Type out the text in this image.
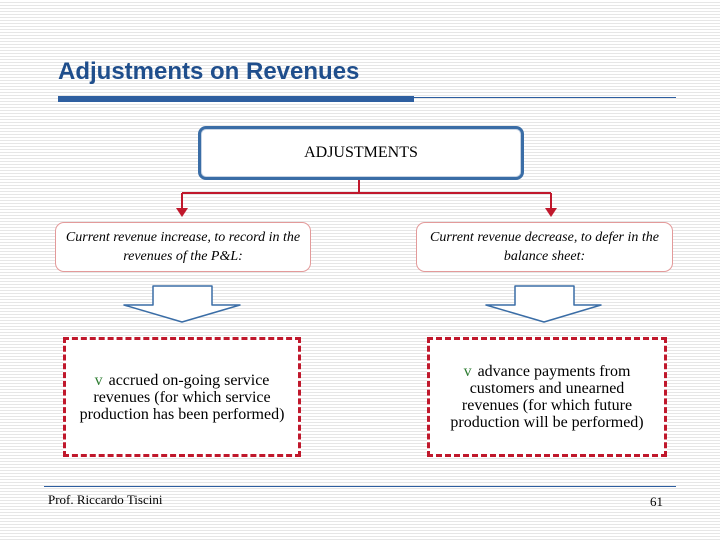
Adjustments on Revenues
ADJUSTMENTS
Current revenue increase, to record in the revenues of the P&L:
Current revenue decrease, to defer in the balance sheet:
v accrued on-going service revenues (for which service production has been performed)
v advance payments from customers and unearned revenues (for which future production will be performed)
Prof. Riccardo Tiscini	61
